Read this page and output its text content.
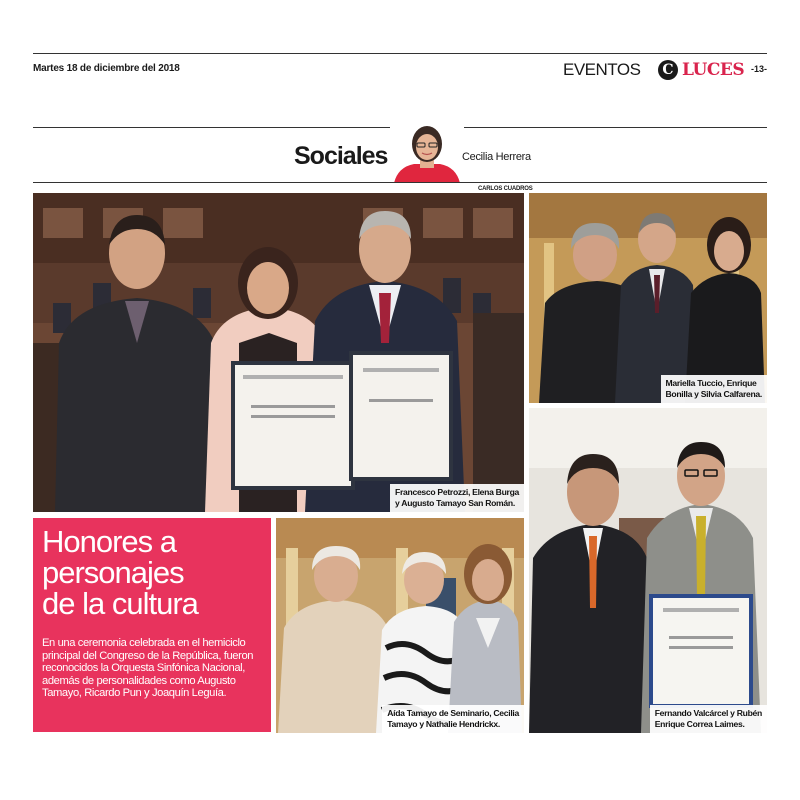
Martes 18 de diciembre del 2018	EVENTOS	C LUCES -13-
Sociales	Cecilia Herrera
CARLOS CUADROS
Francesco Petrozzi, Elena Burga
y Augusto Tamayo San Román.
Mariella Tuccio, Enrique
Bonilla y Silvia Calfarena.
Honores a
personajes
de la cultura
En una ceremonia celebrada en el hemiciclo principal del Congreso de la República, fueron reconocidos la Orquesta Sinfónica Nacional, además de personalidades como Augusto Tamayo, Ricardo Pun y Joaquín Leguía.
Aída Tamayo de Seminario, Cecilia
Tamayo y Nathalie Hendrickx.
Fernando Valcárcel y Rubén
Enrique Correa Laimes.
